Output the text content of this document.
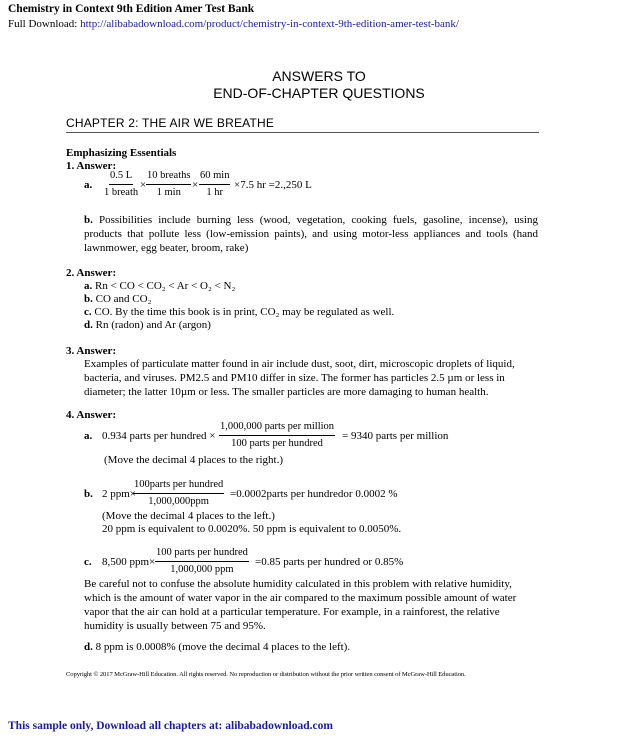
Chemistry in Context 9th Edition Amer Test Bank
Full Download: http://alibabadownload.com/product/chemistry-in-context-9th-edition-amer-test-bank/
ANSWERS TO
END-OF-CHAPTER QUESTIONS
CHAPTER 2: THE AIR WE BREATHE
Emphasizing Essentials
1. Answer:
a.
0.5 L
1 breath
×
10 breaths
1 min
×
60 min
1 hr
×7.5 hr =2.,250 L
b. Possibilities include burning less (wood, vegetation, cooking fuels, gasoline, incense), using products that pollute less (low-emission paints), and using motor-less appliances and tools (hand lawnmower, egg beater, broom, rake)
2. Answer:
a. Rn < CO < CO₂ < Ar < O₂ < N₂
b. CO and CO₂
c. CO. By the time this book is in print, CO₂ may be regulated as well.
d. Rn (radon) and Ar (argon)
3. Answer:
Examples of particulate matter found in air include dust, soot, dirt, microscopic droplets of liquid, bacteria, and viruses. PM2.5 and PM10 differ in size. The former has particles 2.5 µm or less in diameter; the latter 10µm or less. The smaller particles are more damaging to human health.
4. Answer:
a. 0.934 parts per hundred ×
1,000,000 parts per million
100 parts per hundred
= 9340 parts per million
(Move the decimal 4 places to the right.)
b. 2 ppm×
100parts per hundred
1,000,000ppm
=0.0002parts per hundredor 0.0002 %
(Move the decimal 4 places to the left.)
20 ppm is equivalent to 0.0020%. 50 ppm is equivalent to 0.0050%.
c. 8,500 ppm×
100 parts per hundred
1,000,000 ppm
=0.85 parts per hundred or 0.85%
Be careful not to confuse the absolute humidity calculated in this problem with relative humidity, which is the amount of water vapor in the air compared to the maximum possible amount of water vapor that the air can hold at a particular temperature. For example, in a rainforest, the relative humidity is usually between 75 and 95%.
d. 8 ppm is 0.0008% (move the decimal 4 places to the left).
Copyright © 2017 McGraw-Hill Education. All rights reserved. No reproduction or distribution without the prior written consent of McGraw-Hill Education.
This sample only, Download all chapters at: alibabadownload.com
